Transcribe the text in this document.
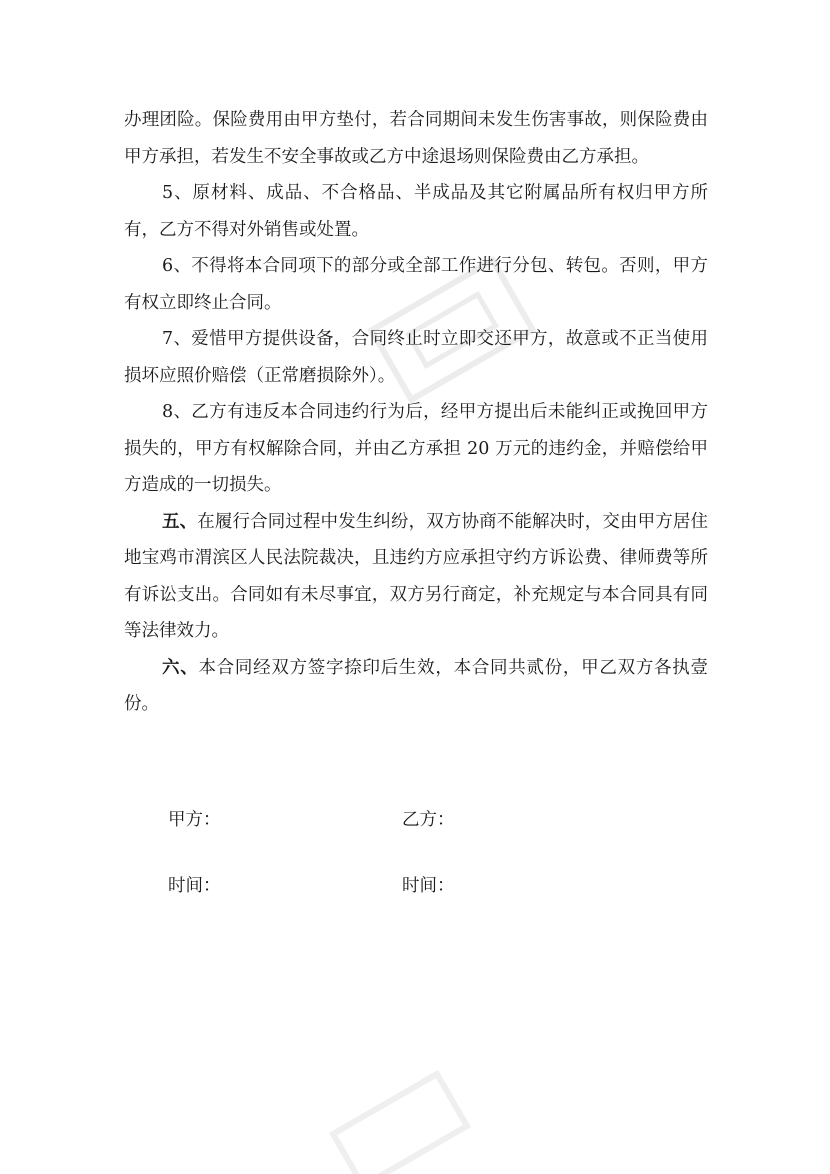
办理团险。保险费用由甲方垫付，若合同期间未发生伤害事故，则保险费由甲方承担，若发生不安全事故或乙方中途退场则保险费由乙方承担。

5、原材料、成品、不合格品、半成品及其它附属品所有权归甲方所有，乙方不得对外销售或处置。

6、不得将本合同项下的部分或全部工作进行分包、转包。否则，甲方有权立即终止合同。

7、爱惜甲方提供设备，合同终止时立即交还甲方，故意或不正当使用损坏应照价赔偿（正常磨损除外）。

8、乙方有违反本合同违约行为后，经甲方提出后未能纠正或挽回甲方损失的，甲方有权解除合同，并由乙方承担 20 万元的违约金，并赔偿给甲方造成的一切损失。

五、在履行合同过程中发生纠纷，双方协商不能解决时，交由甲方居住地宝鸡市渭滨区人民法院裁决，且违约方应承担守约方诉讼费、律师费等所有诉讼支出。合同如有未尽事宜，双方另行商定，补充规定与本合同具有同等法律效力。

六、本合同经双方签字捺印后生效，本合同共贰份，甲乙双方各执壹份。

甲方：	乙方：
时间：	时间：
